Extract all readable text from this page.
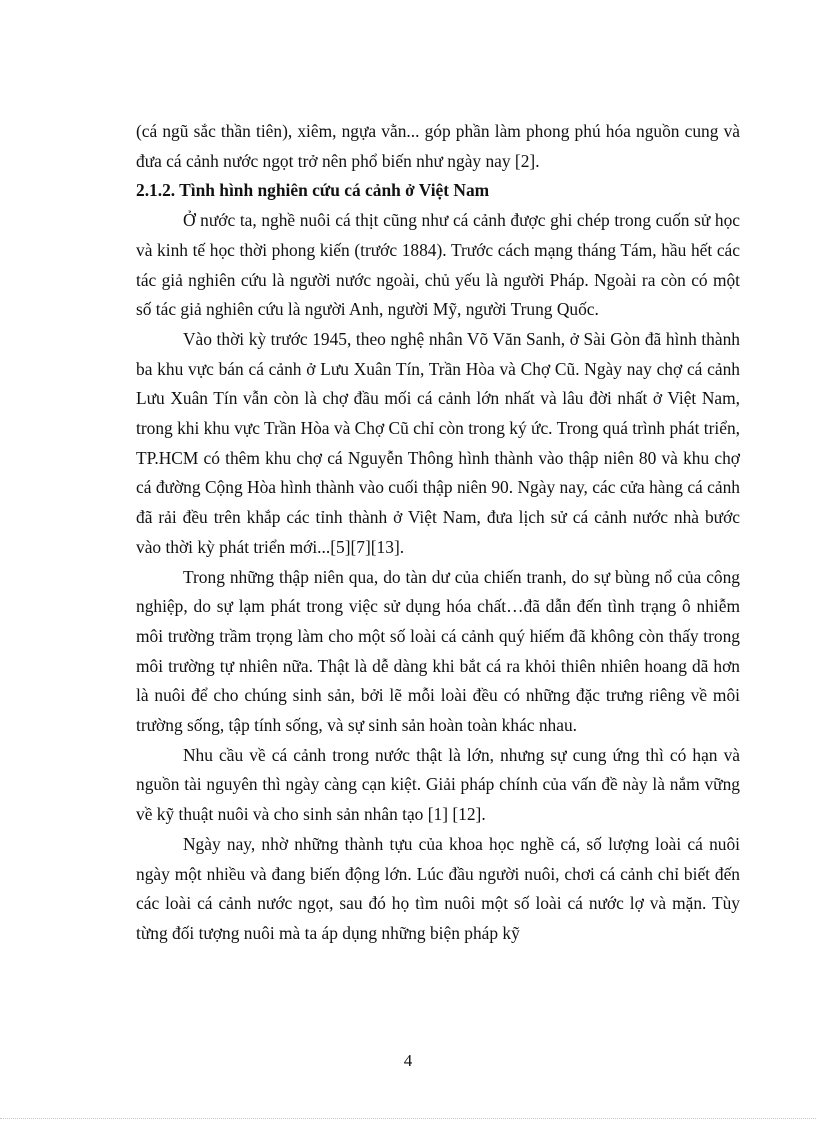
(cá ngũ sắc thần tiên), xiêm, ngựa vằn... góp phần làm phong phú hóa nguồn cung và đưa cá cảnh nước ngọt trở nên phổ biến như ngày nay [2].

2.1.2. Tình hình nghiên cứu cá cảnh ở Việt Nam

Ở nước ta, nghề nuôi cá thịt cũng như cá cảnh được ghi chép trong cuốn sử học và kinh tế học thời phong kiến (trước 1884). Trước cách mạng tháng Tám, hầu hết các tác giả nghiên cứu là người nước ngoài, chủ yếu là người Pháp. Ngoài ra còn có một số tác giả nghiên cứu là người Anh, người Mỹ, người Trung Quốc.

Vào thời kỳ trước 1945, theo nghệ nhân Võ Văn Sanh, ở Sài Gòn đã hình thành ba khu vực bán cá cảnh ở Lưu Xuân Tín, Trần Hòa và Chợ Cũ. Ngày nay chợ cá cảnh Lưu Xuân Tín vẫn còn là chợ đầu mối cá cảnh lớn nhất và lâu đời nhất ở Việt Nam, trong khi khu vực Trần Hòa và Chợ Cũ chỉ còn trong ký ức. Trong quá trình phát triển, TP.HCM có thêm khu chợ cá Nguyễn Thông hình thành vào thập niên 80 và khu chợ cá đường Cộng Hòa hình thành vào cuối thập niên 90. Ngày nay, các cửa hàng cá cảnh đã rải đều trên khắp các tỉnh thành ở Việt Nam, đưa lịch sử cá cảnh nước nhà bước vào thời kỳ phát triển mới...[5][7][13].

Trong những thập niên qua, do tàn dư của chiến tranh, do sự bùng nổ của công nghiệp, do sự lạm phát trong việc sử dụng hóa chất…đã dẫn đến tình trạng ô nhiễm môi trường trầm trọng làm cho một số loài cá cảnh quý hiếm đã không còn thấy trong môi trường tự nhiên nữa. Thật là dễ dàng khi bắt cá ra khỏi thiên nhiên hoang dã hơn là nuôi để cho chúng sinh sản, bởi lẽ mỗi loài đều có những đặc trưng riêng về môi trường sống, tập tính sống, và sự sinh sản hoàn toàn khác nhau.

Nhu cầu về cá cảnh trong nước thật là lớn, nhưng sự cung ứng thì có hạn và nguồn tài nguyên thì ngày càng cạn kiệt. Giải pháp chính của vấn đề này là nắm vững về kỹ thuật nuôi và cho sinh sản nhân tạo [1] [12].

Ngày nay, nhờ những thành tựu của khoa học nghề cá, số lượng loài cá nuôi ngày một nhiều và đang biến động lớn. Lúc đầu người nuôi, chơi cá cảnh chỉ biết đến các loài cá cảnh nước ngọt, sau đó họ tìm nuôi một số loài cá nước lợ và mặn. Tùy từng đối tượng nuôi mà ta áp dụng những biện pháp kỹ

4
